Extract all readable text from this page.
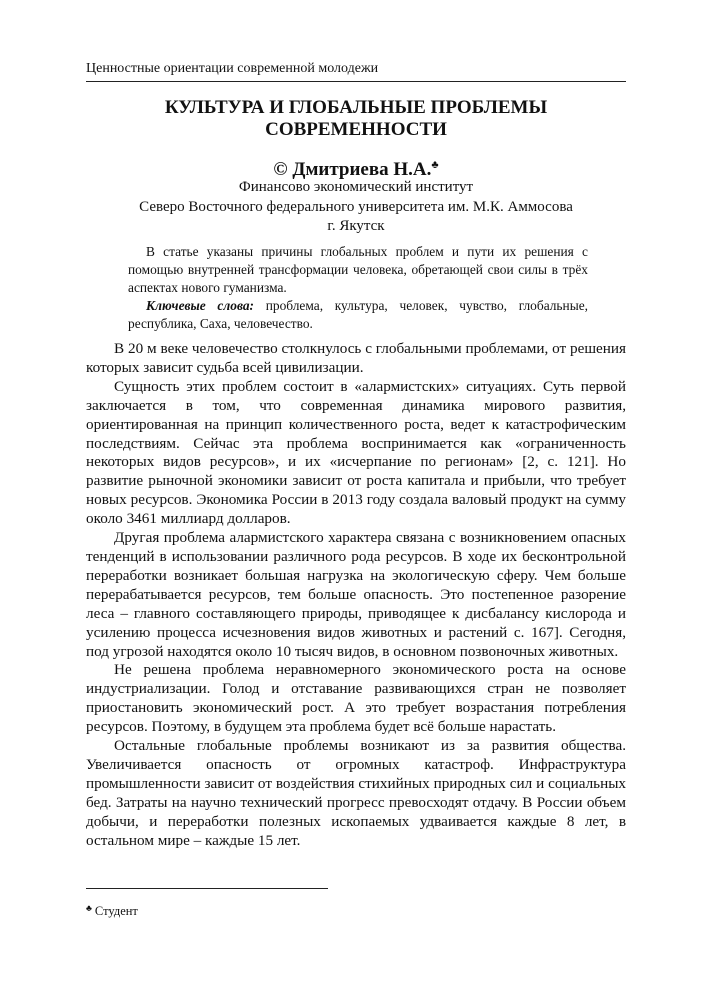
Ценностные ориентации современной молодежи
КУЛЬТУРА И ГЛОБАЛЬНЫЕ ПРОБЛЕМЫ
СОВРЕМЕННОСТИ
© Дмитриева Н.А.♣
Финансово экономический институт
Северо Восточного федерального университета им. М.К. Аммосова
г. Якутск

В статье указаны причины глобальных проблем и пути их решения с помощью внутренней трансформации человека, обретающей свои силы в трёх аспектах нового гуманизма.

Ключевые слова: проблема, культура, человек, чувство, глобальные, республика, Саха, человечество.

В 20 м веке человечество столкнулось с глобальными проблемами, от решения которых зависит судьба всей цивилизации.

Сущность этих проблем состоит в «алармистских» ситуациях. Суть первой заключается в том, что современная динамика мирового развития, ориентированная на принцип количественного роста, ведет к катастрофическим последствиям. Сейчас эта проблема воспринимается как «ограниченность некоторых видов ресурсов», и их «исчерпание по регионам» [2, с. 121]. Но развитие рыночной экономики зависит от роста капитала и прибыли, что требует новых ресурсов. Экономика России в 2013 году создала валовый продукт на сумму около 3461 миллиард долларов.

Другая проблема алармистского характера связана с возникновением опасных тенденций в использовании различного рода ресурсов. В ходе их бесконтрольной переработки возникает большая нагрузка на экологическую сферу. Чем больше перерабатывается ресурсов, тем больше опасность. Это постепенное разорение леса – главного составляющего природы, приводящее к дисбалансу кислорода и усилению процесса исчезновения видов животных и растений с. 167]. Сегодня, под угрозой находятся около 10 тысяч видов, в основном позвоночных животных.

Не решена проблема неравномерного экономического роста на основе индустриализации. Голод и отставание развивающихся стран не позволяет приостановить экономический рост. А это требует возрастания потребления ресурсов. Поэтому, в будущем эта проблема будет всё больше нарастать.

Остальные глобальные проблемы возникают из за развития общества. Увеличивается опасность от огромных катастроф. Инфраструктура промышленности зависит от воздействия стихийных природных сил и социальных бед. Затраты на научно технический прогресс превосходят отдачу. В России объем добычи, и переработки полезных ископаемых удваивается каждые 8 лет, в остальном мире – каждые 15 лет.

♣ Студент
